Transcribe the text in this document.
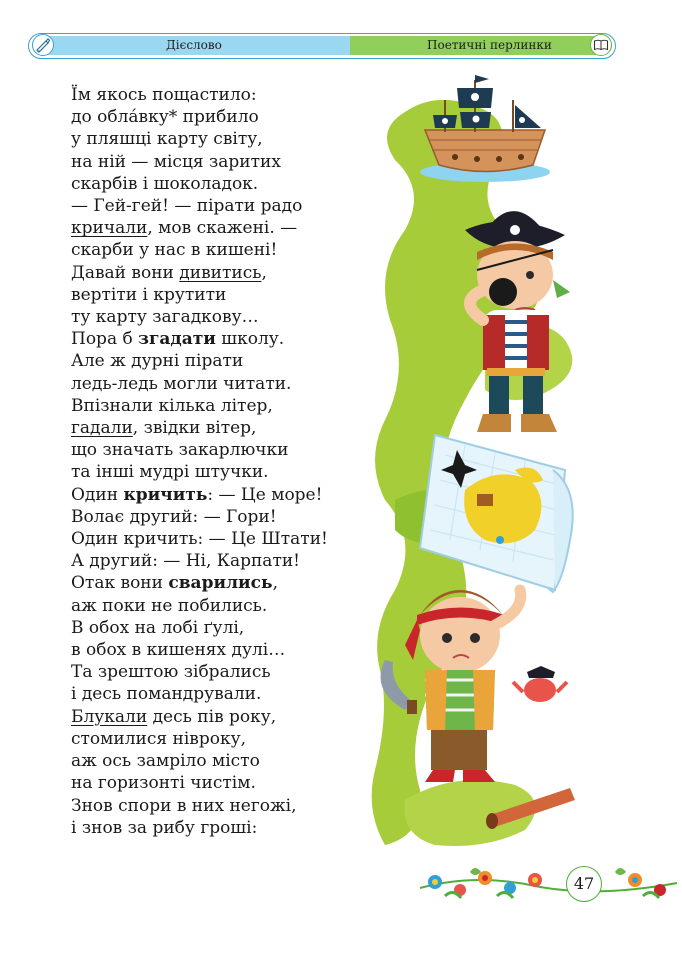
Дієслово	Поетичні перлинки
Їм якось пощастило:
до обла́вку* прибило
у пляшці карту світу,
на ній — місця зaритих
скарбів і шоколадок.
— Гей-гей! — пірати радо
кричали, мов скажені. —
скарби у нас в кишені!
Давай вони дивитись,
вертіти і крутити
ту карту загадкову…
Пора б згадати школу.
Але ж дурні пірати
ледь-ледь могли читати.
Впізнали кілька літер,
гадали, звідки вітер,
що значать закарлючки
та інші мудрі штучки.
Один кричить: — Це море!
Волає другий: — Гори!
Один кричить: — Це Штати!
А другий: — Ні, Карпати!
Отак вони сварились,
аж поки не побились.
В обох на лобі ґулі,
в обох в кишенях дулі…
Та зрештою зібрались
і десь помандрували.
Блукали десь пів року,
стомилися нівроку,
аж ось замріло місто
на горизонті чистім.
Знов спори в них негожі,
і знов за рибу гроші:
47
